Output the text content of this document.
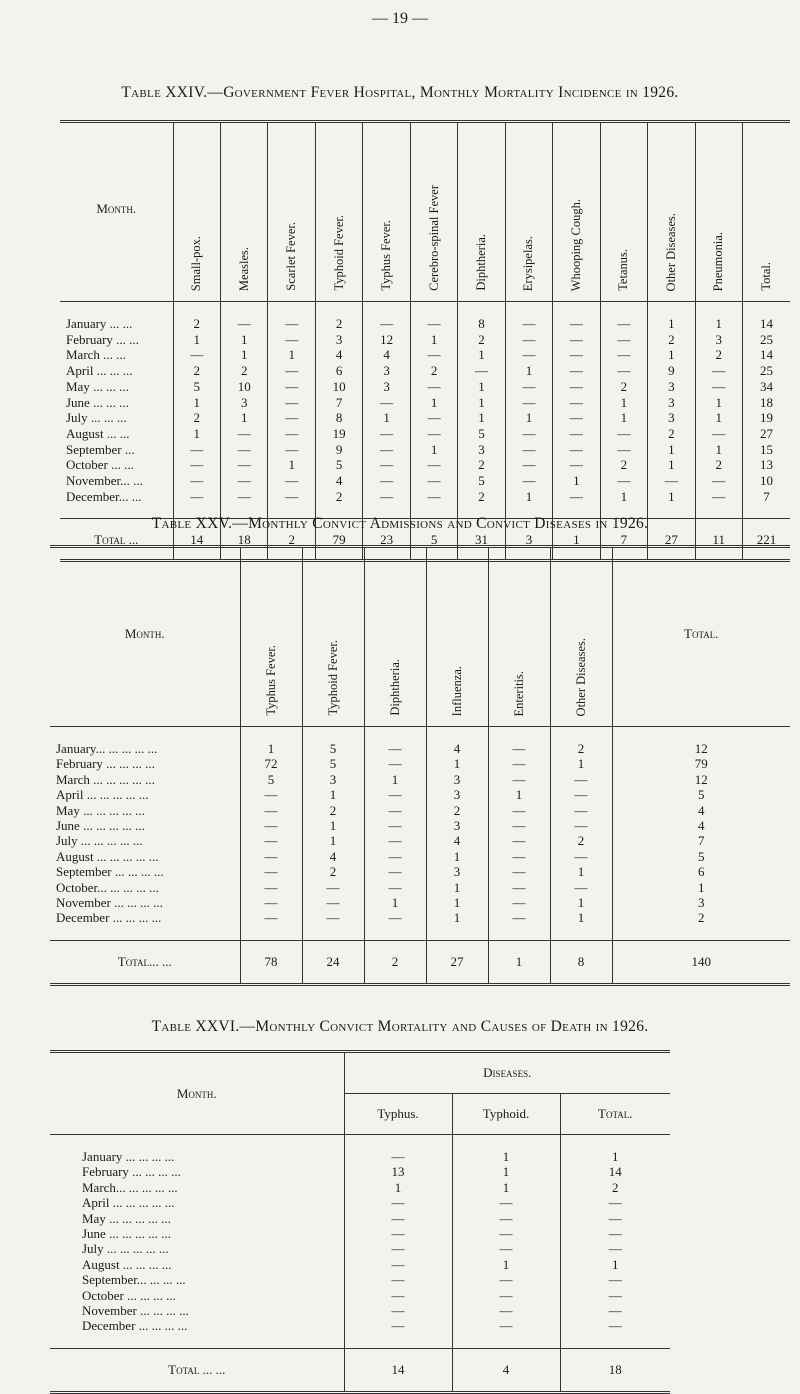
— 19 —
Table XXIV.—Government Fever Hospital, Monthly Mortality Incidence in 1926.
Month.	Small-pox.	Measles.	Scarlet Fever.	Typhoid Fever.	Typhus Fever.	Cerebro-spinal Fever	Diphtheria.	Erysipelas.	Whooping Cough.	Tetanus.	Other Diseases.	Pneumonia.	Total.

January ... ...	2	—	—	2	—	—	8	—	—	—	1	1	14
February ... ...	1	1	—	3	12	1	2	—	—	—	2	3	25
March ... ...	—	1	1	4	4	—	1	—	—	—	1	2	14
April ... ... ...	2	2	—	6	3	2	—	1	—	—	9	—	25
May ... ... ...	5	10	—	10	3	—	1	—	—	2	3	—	34
June ... ... ...	1	3	—	7	—	1	1	—	—	1	3	1	18
July ... ... ...	2	1	—	8	1	—	1	1	—	1	3	1	19
August ... ...	1	—	—	19	—	—	5	—	—	—	2	—	27
September ...	—	—	—	9	—	1	3	—	—	—	1	1	15
October ... ...	—	—	1	5	—	—	2	—	—	2	1	2	13
November... ...	—	—	—	4	—	—	5	—	1	—	—	—	10
December... ...	—	—	—	2	—	—	2	1	—	1	1	—	7

Total ...	14	18	2	79	23	5	31	3	1	7	27	11	221
Table XXV.—Monthly Convict Admissions and Convict Diseases in 1926.
Month.	Typhus Fever.	Typhoid Fever.	Diphtheria.	Influenza.	Enteritis.	Other Diseases.	Total.

January... ... ... ... ...	1	5	—	4	—	2	12
February ... ... ... ...	72	5	—	1	—	1	79
March ... ... ... ... ...	5	3	1	3	—	—	12
April ... ... ... ... ...	—	1	—	3	1	—	5
May ... ... ... ... ...	—	2	—	2	—	—	4
June ... ... ... ... ...	—	1	—	3	—	—	4
July ... ... ... ... ...	—	1	—	4	—	2	7
August ... ... ... ... ...	—	4	—	1	—	—	5
September ... ... ... ...	—	2	—	3	—	1	6
October... ... ... ... ...	—	—	—	1	—	—	1
November ... ... ... ...	—	—	1	1	—	1	3
December ... ... ... ...	—	—	—	1	—	1	2

Total... ...	78	24	2	27	1	8	140
Table XXVI.—Monthly Convict Mortality and Causes of Death in 1926.
Month.	Diseases.		
	Typhus.	Typhoid.	Total.

January ... ... ... ...	—	1	1
February ... ... ... ...	13	1	14
March... ... ... ... ...	1	1	2
April ... ... ... ... ...	—	—	—
May ... ... ... ... ...	—	—	—
June ... ... ... ... ...	—	—	—
July ... ... ... ... ...	—	—	—
August ... ... ... ...	—	1	1
September... ... ... ...	—	—	—
October ... ... ... ...	—	—	—
November ... ... ... ...	—	—	—
December ... ... ... ...	—	—	—

Total ... ...	14	4	18
